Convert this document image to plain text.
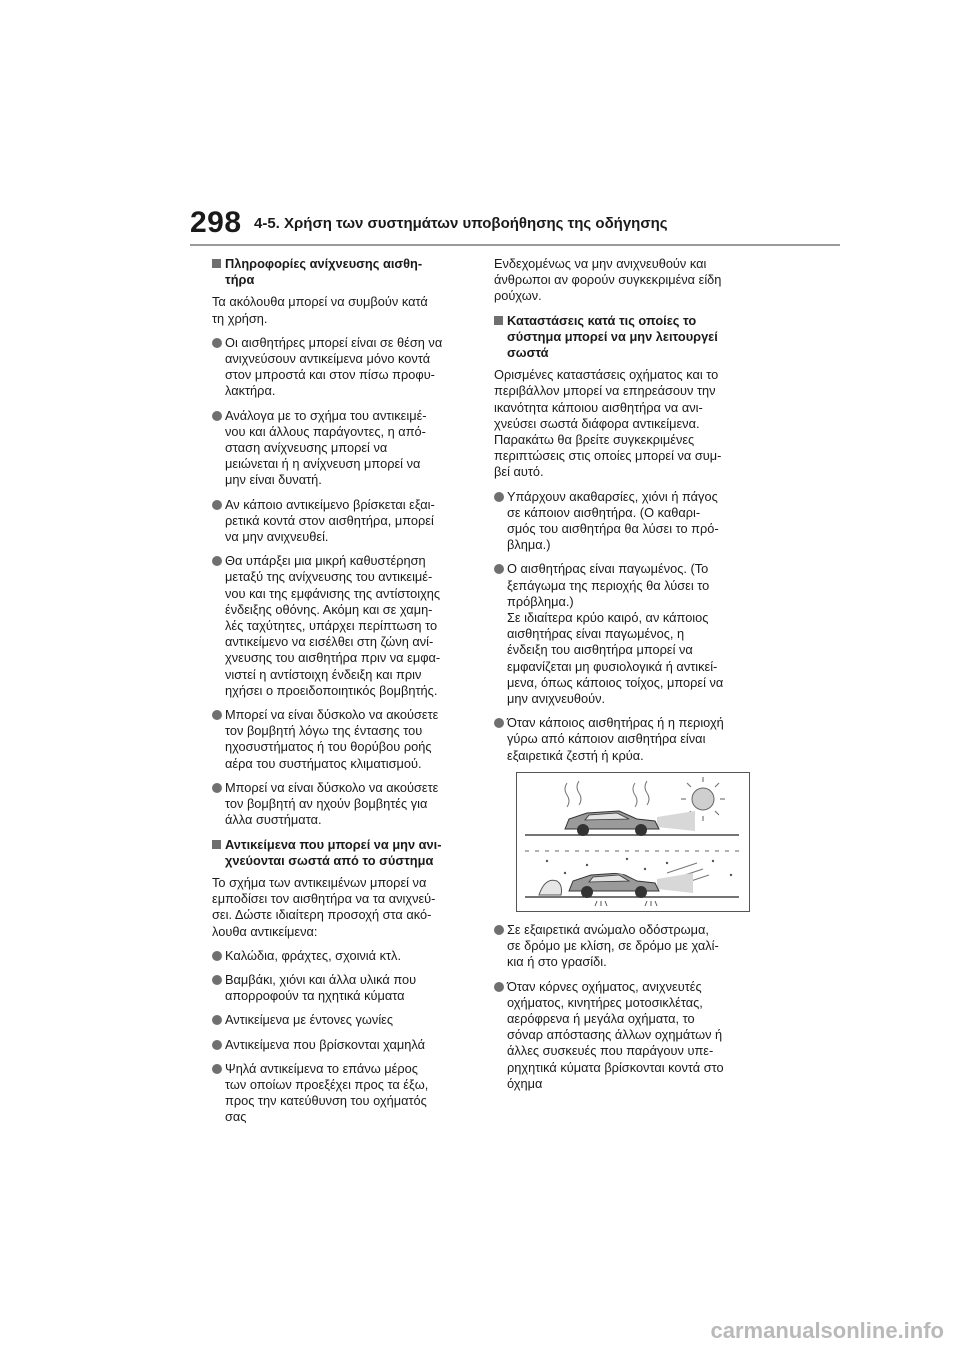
298 4-5. Χρήση των συστημάτων υποβοήθησης της οδήγησης
Πληροφορίες ανίχνευσης αισθη-
τήρα
Τα ακόλουθα μπορεί να συμβούν κατά
τη χρήση.
Οι αισθητήρες μπορεί είναι σε θέση να
ανιχνεύσουν αντικείμενα μόνο κοντά
στον μπροστά και στον πίσω προφυ-
λακτήρα.
Ανάλογα με το σχήμα του αντικειμέ-
νου και άλλους παράγοντες, η από-
σταση ανίχνευσης μπορεί να
μειώνεται ή η ανίχνευση μπορεί να
μην είναι δυνατή.
Αν κάποιο αντικείμενο βρίσκεται εξαι-
ρετικά κοντά στον αισθητήρα, μπορεί
να μην ανιχνευθεί.
Θα υπάρξει μια μικρή καθυστέρηση
μεταξύ της ανίχνευσης του αντικειμέ-
νου και της εμφάνισης της αντίστοιχης
ένδειξης οθόνης. Ακόμη και σε χαμη-
λές ταχύτητες, υπάρχει περίπτωση το
αντικείμενο να εισέλθει στη ζώνη ανί-
χνευσης του αισθητήρα πριν να εμφα-
νιστεί η αντίστοιχη ένδειξη και πριν
ηχήσει ο προειδοποιητικός βομβητής.
Μπορεί να είναι δύσκολο να ακούσετε
τον βομβητή λόγω της έντασης του
ηχοσυστήματος ή του θορύβου ροής
αέρα του συστήματος κλιματισμού.
Μπορεί να είναι δύσκολο να ακούσετε
τον βομβητή αν ηχούν βομβητές για
άλλα συστήματα.
Αντικείμενα που μπορεί να μην ανι-
χνεύονται σωστά από το σύστημα
Το σχήμα των αντικειμένων μπορεί να
εμποδίσει τον αισθητήρα να τα ανιχνεύ-
σει. Δώστε ιδιαίτερη προσοχή στα ακό-
λουθα αντικείμενα:
Καλώδια, φράχτες, σχοινιά κτλ.
Βαμβάκι, χιόνι και άλλα υλικά που
απορροφούν τα ηχητικά κύματα
Αντικείμενα με έντονες γωνίες
Αντικείμενα που βρίσκονται χαμηλά
Ψηλά αντικείμενα το επάνω μέρος
των οποίων προεξέχει προς τα έξω,
προς την κατεύθυνση του οχήματός
σας
Ενδεχομένως να μην ανιχνευθούν και
άνθρωποι αν φορούν συγκεκριμένα είδη
ρούχων.
Καταστάσεις κατά τις οποίες το
σύστημα μπορεί να μην λειτουργεί
σωστά
Ορισμένες καταστάσεις οχήματος και το
περιβάλλον μπορεί να επηρεάσουν την
ικανότητα κάποιου αισθητήρα να ανι-
χνεύσει σωστά διάφορα αντικείμενα.
Παρακάτω θα βρείτε συγκεκριμένες
περιπτώσεις στις οποίες μπορεί να συμ-
βεί αυτό.
Υπάρχουν ακαθαρσίες, χιόνι ή πάγος
σε κάποιον αισθητήρα. (Ο καθαρι-
σμός του αισθητήρα θα λύσει το πρό-
βλημα.)
Ο αισθητήρας είναι παγωμένος. (Το
ξεπάγωμα της περιοχής θα λύσει το
πρόβλημα.)
Σε ιδιαίτερα κρύο καιρό, αν κάποιος
αισθητήρας είναι παγωμένος, η
ένδειξη του αισθητήρα μπορεί να
εμφανίζεται μη φυσιολογικά ή αντικεί-
μενα, όπως κάποιος τοίχος, μπορεί να
μην ανιχνευθούν.
Όταν κάποιος αισθητήρας ή η περιοχή
γύρω από κάποιον αισθητήρα είναι
εξαιρετικά ζεστή ή κρύα.
Σε εξαιρετικά ανώμαλο οδόστρωμα,
σε δρόμο με κλίση, σε δρόμο με χαλί-
κια ή στο γρασίδι.
Όταν κόρνες οχήματος, ανιχνευτές
οχήματος, κινητήρες μοτοσικλέτας,
αερόφρενα ή μεγάλα οχήματα, το
σόναρ απόστασης άλλων οχημάτων ή
άλλες συσκευές που παράγουν υπε-
ρηχητικά κύματα βρίσκονται κοντά στο
όχημα
carmanualsonline.info
